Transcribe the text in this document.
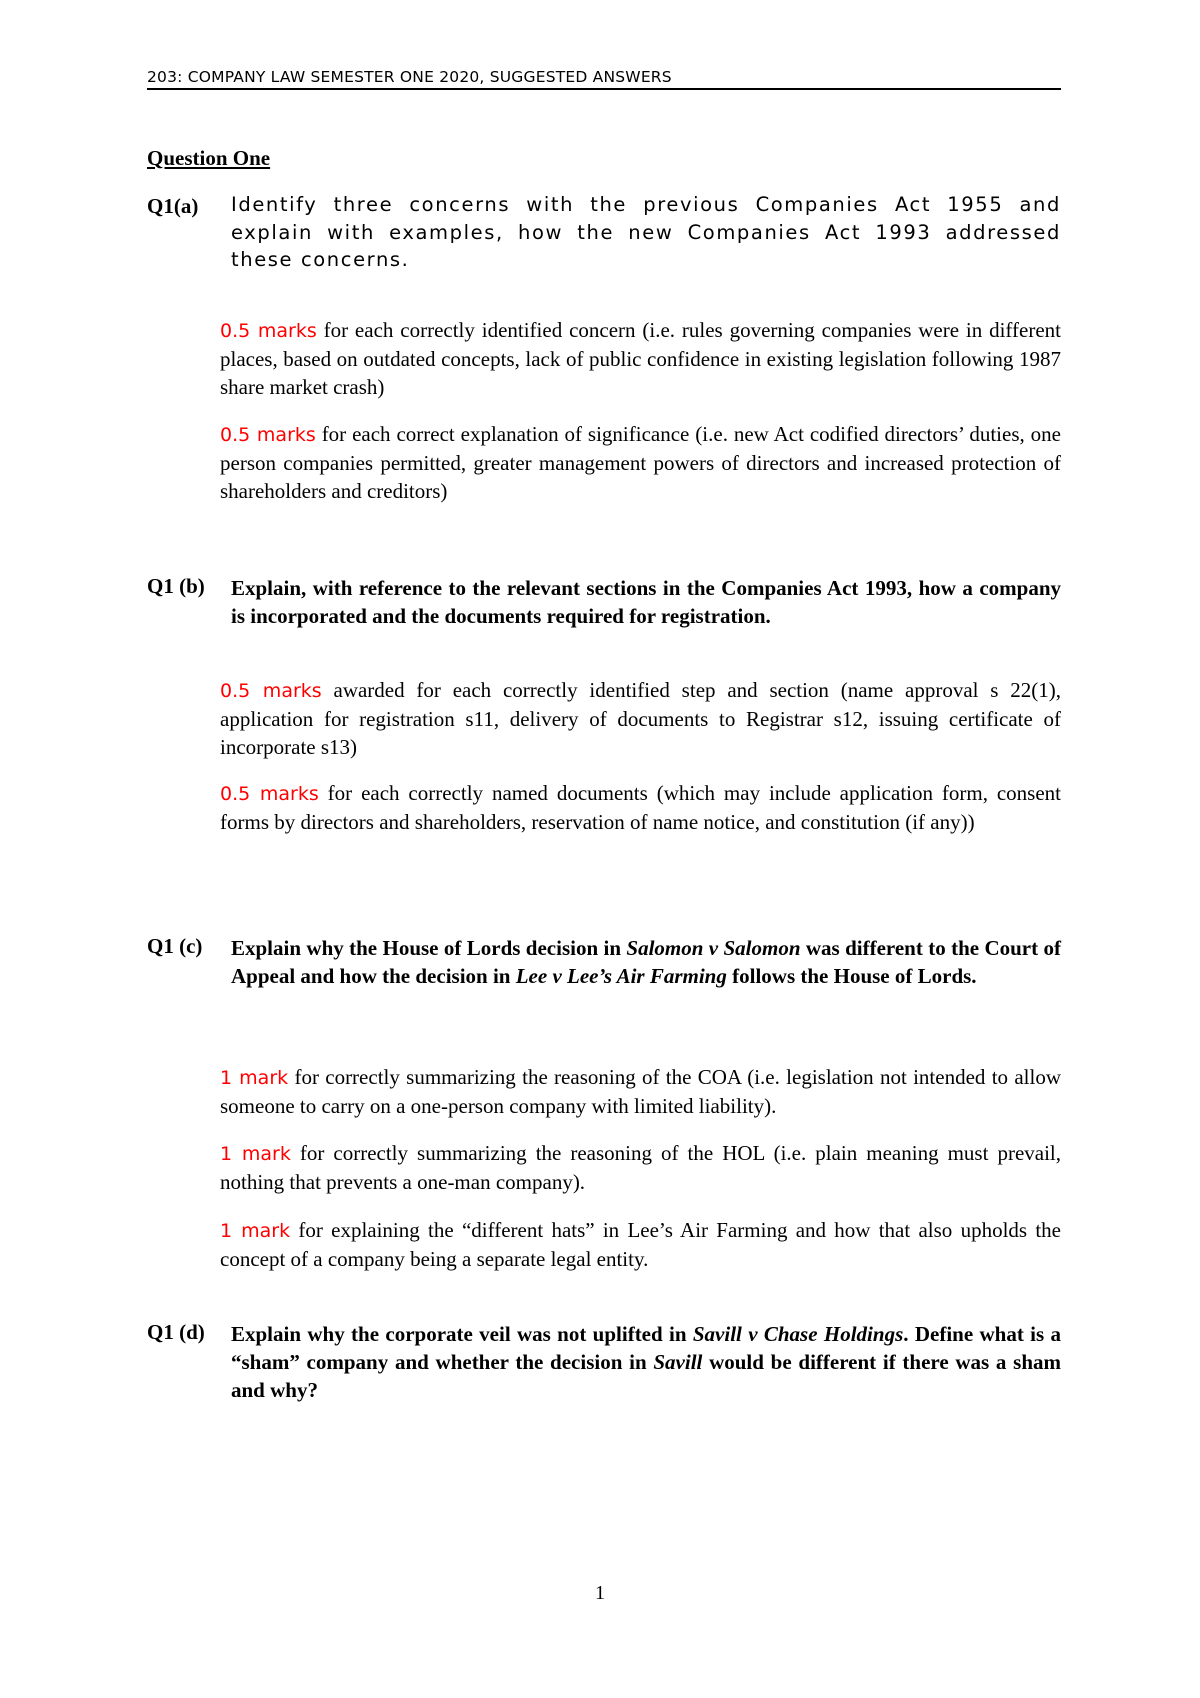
203: COMPANY LAW SEMESTER ONE 2020, SUGGESTED ANSWERS
Question One
Q1(a) Identify three concerns with the previous Companies Act 1955 and explain with examples, how the new Companies Act 1993 addressed these concerns.
0.5 marks for each correctly identified concern (i.e. rules governing companies were in different places, based on outdated concepts, lack of public confidence in existing legislation following 1987 share market crash)
0.5 marks for each correct explanation of significance (i.e. new Act codified directors’ duties, one person companies permitted, greater management powers of directors and increased protection of shareholders and creditors)
Q1 (b) Explain, with reference to the relevant sections in the Companies Act 1993, how a company is incorporated and the documents required for registration.
0.5 marks awarded for each correctly identified step and section (name approval s 22(1), application for registration s11, delivery of documents to Registrar s12, issuing certificate of incorporate s13)
0.5 marks for each correctly named documents (which may include application form, consent forms by directors and shareholders, reservation of name notice, and constitution (if any))
Q1 (c) Explain why the House of Lords decision in Salomon v Salomon was different to the Court of Appeal and how the decision in Lee v Lee’s Air Farming follows the House of Lords.
1 mark for correctly summarizing the reasoning of the COA (i.e. legislation not intended to allow someone to carry on a one-person company with limited liability).
1 mark for correctly summarizing the reasoning of the HOL (i.e. plain meaning must prevail, nothing that prevents a one-man company).
1 mark for explaining the “different hats” in Lee’s Air Farming and how that also upholds the concept of a company being a separate legal entity.
Q1 (d) Explain why the corporate veil was not uplifted in Savill v Chase Holdings. Define what is a “sham” company and whether the decision in Savill would be different if there was a sham and why?
1
